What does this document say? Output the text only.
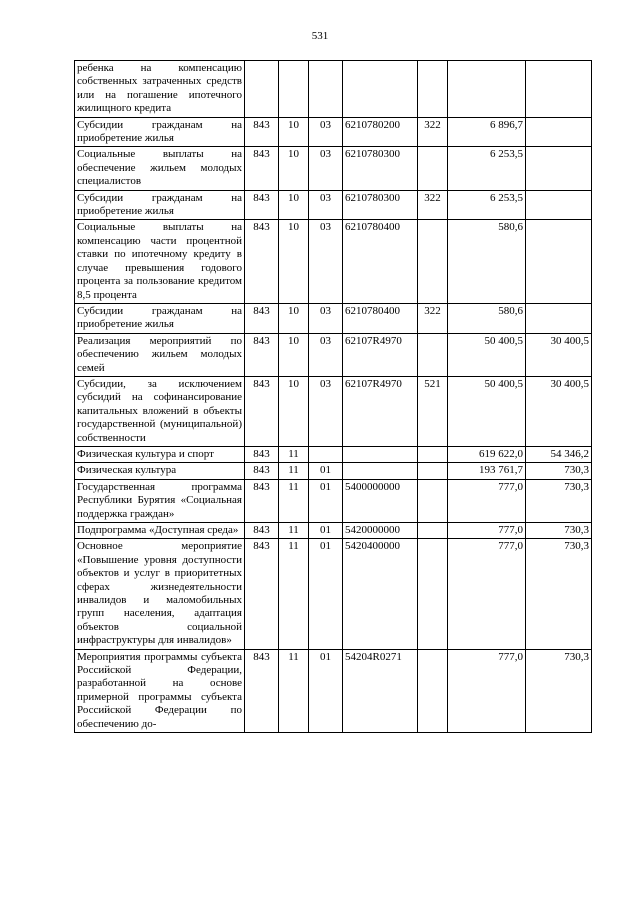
531
ребенка на компенсацию собственных затраченных средств или на погашение ипотечного жилищного кредита							
Субсидии гражданам на приобретение жилья	843	10	03	6210780200	322	6 896,7	
Социальные выплаты на обеспечение жильем молодых специалистов	843	10	03	6210780300		6 253,5	
Субсидии гражданам на приобретение жилья	843	10	03	6210780300	322	6 253,5	
Социальные выплаты на компенсацию части процентной ставки по ипотечному кредиту в случае превышения годового процента за пользование кредитом 8,5 процента	843	10	03	6210780400		580,6	
Субсидии гражданам на приобретение жилья	843	10	03	6210780400	322	580,6	
Реализация мероприятий по обеспечению жильем молодых семей	843	10	03	62107R4970		50 400,5	30 400,5
Субсидии, за исключением субсидий на софинансирование капитальных вложений в объекты государственной (муниципальной) собственности	843	10	03	62107R4970	521	50 400,5	30 400,5
Физическая культура и спорт	843	11				619 622,0	54 346,2
Физическая культура	843	11	01			193 761,7	730,3
Государственная программа Республики Бурятия «Социальная поддержка граждан»	843	11	01	5400000000		777,0	730,3
Подпрограмма «Доступная среда»	843	11	01	5420000000		777,0	730,3
Основное мероприятие «Повышение уровня доступности объектов и услуг в приоритетных сферах жизнедеятельности инвалидов и маломобильных групп населения, адаптация объектов социальной инфраструктуры для инвалидов»	843	11	01	5420400000		777,0	730,3
Мероприятия программы субъекта Российской Федерации, разработанной на основе примерной программы субъекта Российской Федерации по обеспечению до-	843	11	01	54204R0271		777,0	730,3
